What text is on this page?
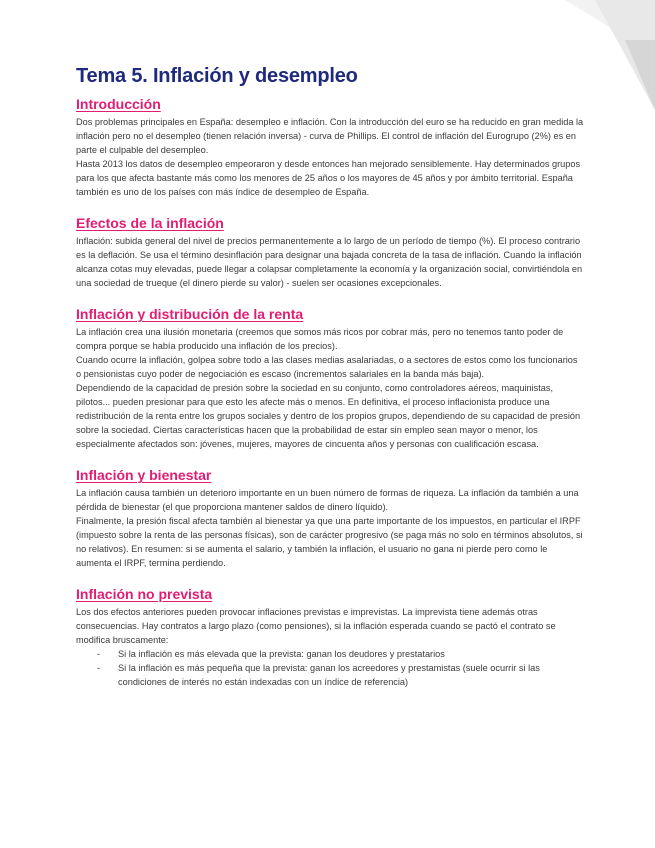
Tema 5. Inflación y desempleo
Introducción

Dos problemas principales en España: desempleo e inflación. Con la introducción del euro se ha reducido en gran medida la inflación pero no el desempleo (tienen relación inversa) - curva de Phillips. El control de inflación del Eurogrupo (2%) es en parte el culpable del desempleo.

Hasta 2013 los datos de desempleo empeoraron y desde entonces han mejorado sensiblemente. Hay determinados grupos para los que afecta bastante más como los menores de 25 años o los mayores de 45 años y por ámbito territorial. España también es uno de los países con más índice de desempleo de España.

Efectos de la inflación

Inflación: subida general del nivel de precios permanentemente a lo largo de un período de tiempo (%). El proceso contrario es la deflación. Se usa el término desinflación para designar una bajada concreta de la tasa de inflación. Cuando la inflación alcanza cotas muy elevadas, puede llegar a colapsar completamente la economía y la organización social, convirtiéndola en una sociedad de trueque (el dinero pierde su valor) - suelen ser ocasiones excepcionales.

Inflación y distribución de la renta

La inflación crea una ilusión monetaria (creemos que somos más ricos por cobrar más, pero no tenemos tanto poder de compra porque se había producido una inflación de los precios).

Cuando ocurre la inflación, golpea sobre todo a las clases medias asalariadas, o a sectores de estos como los funcionarios o pensionistas cuyo poder de negociación es escaso (incrementos salariales en la banda más baja).

Dependiendo de la capacidad de presión sobre la sociedad en su conjunto, como controladores aéreos, maquinistas, pilotos... pueden presionar para que esto les afecte más o menos. En definitiva, el proceso inflacionista produce una redistribución de la renta entre los grupos sociales y dentro de los propios grupos, dependiendo de su capacidad de presión sobre la sociedad. Ciertas características hacen que la probabilidad de estar sin empleo sean mayor o menor, los especialmente afectados son: jóvenes, mujeres, mayores de cincuenta años y personas con cualificación escasa.

Inflación y bienestar

La inflación causa también un deterioro importante en un buen número de formas de riqueza. La inflación da también a una pérdida de bienestar (el que proporciona mantener saldos de dinero líquido).

Finalmente, la presión fiscal afecta también al bienestar ya que una parte importante de los impuestos, en particular el IRPF (impuesto sobre la renta de las personas físicas), son de carácter progresivo (se paga más no solo en términos absolutos, si no relativos). En resumen: si se aumenta el salario, y también la inflación, el usuario no gana ni pierde pero como le aumenta el IRPF, termina perdiendo.

Inflación no prevista

Los dos efectos anteriores pueden provocar inflaciones previstas e imprevistas. La imprevista tiene además otras consecuencias. Hay contratos a largo plazo (como pensiones), si la inflación esperada cuando se pactó el contrato se modifica bruscamente:

- Si la inflación es más elevada que la prevista: ganan los deudores y prestatarios
- Si la inflación es más pequeña que la prevista: ganan los acreedores y prestamistas (suele ocurrir si las condiciones de interés no están indexadas con un índice de referencia)
